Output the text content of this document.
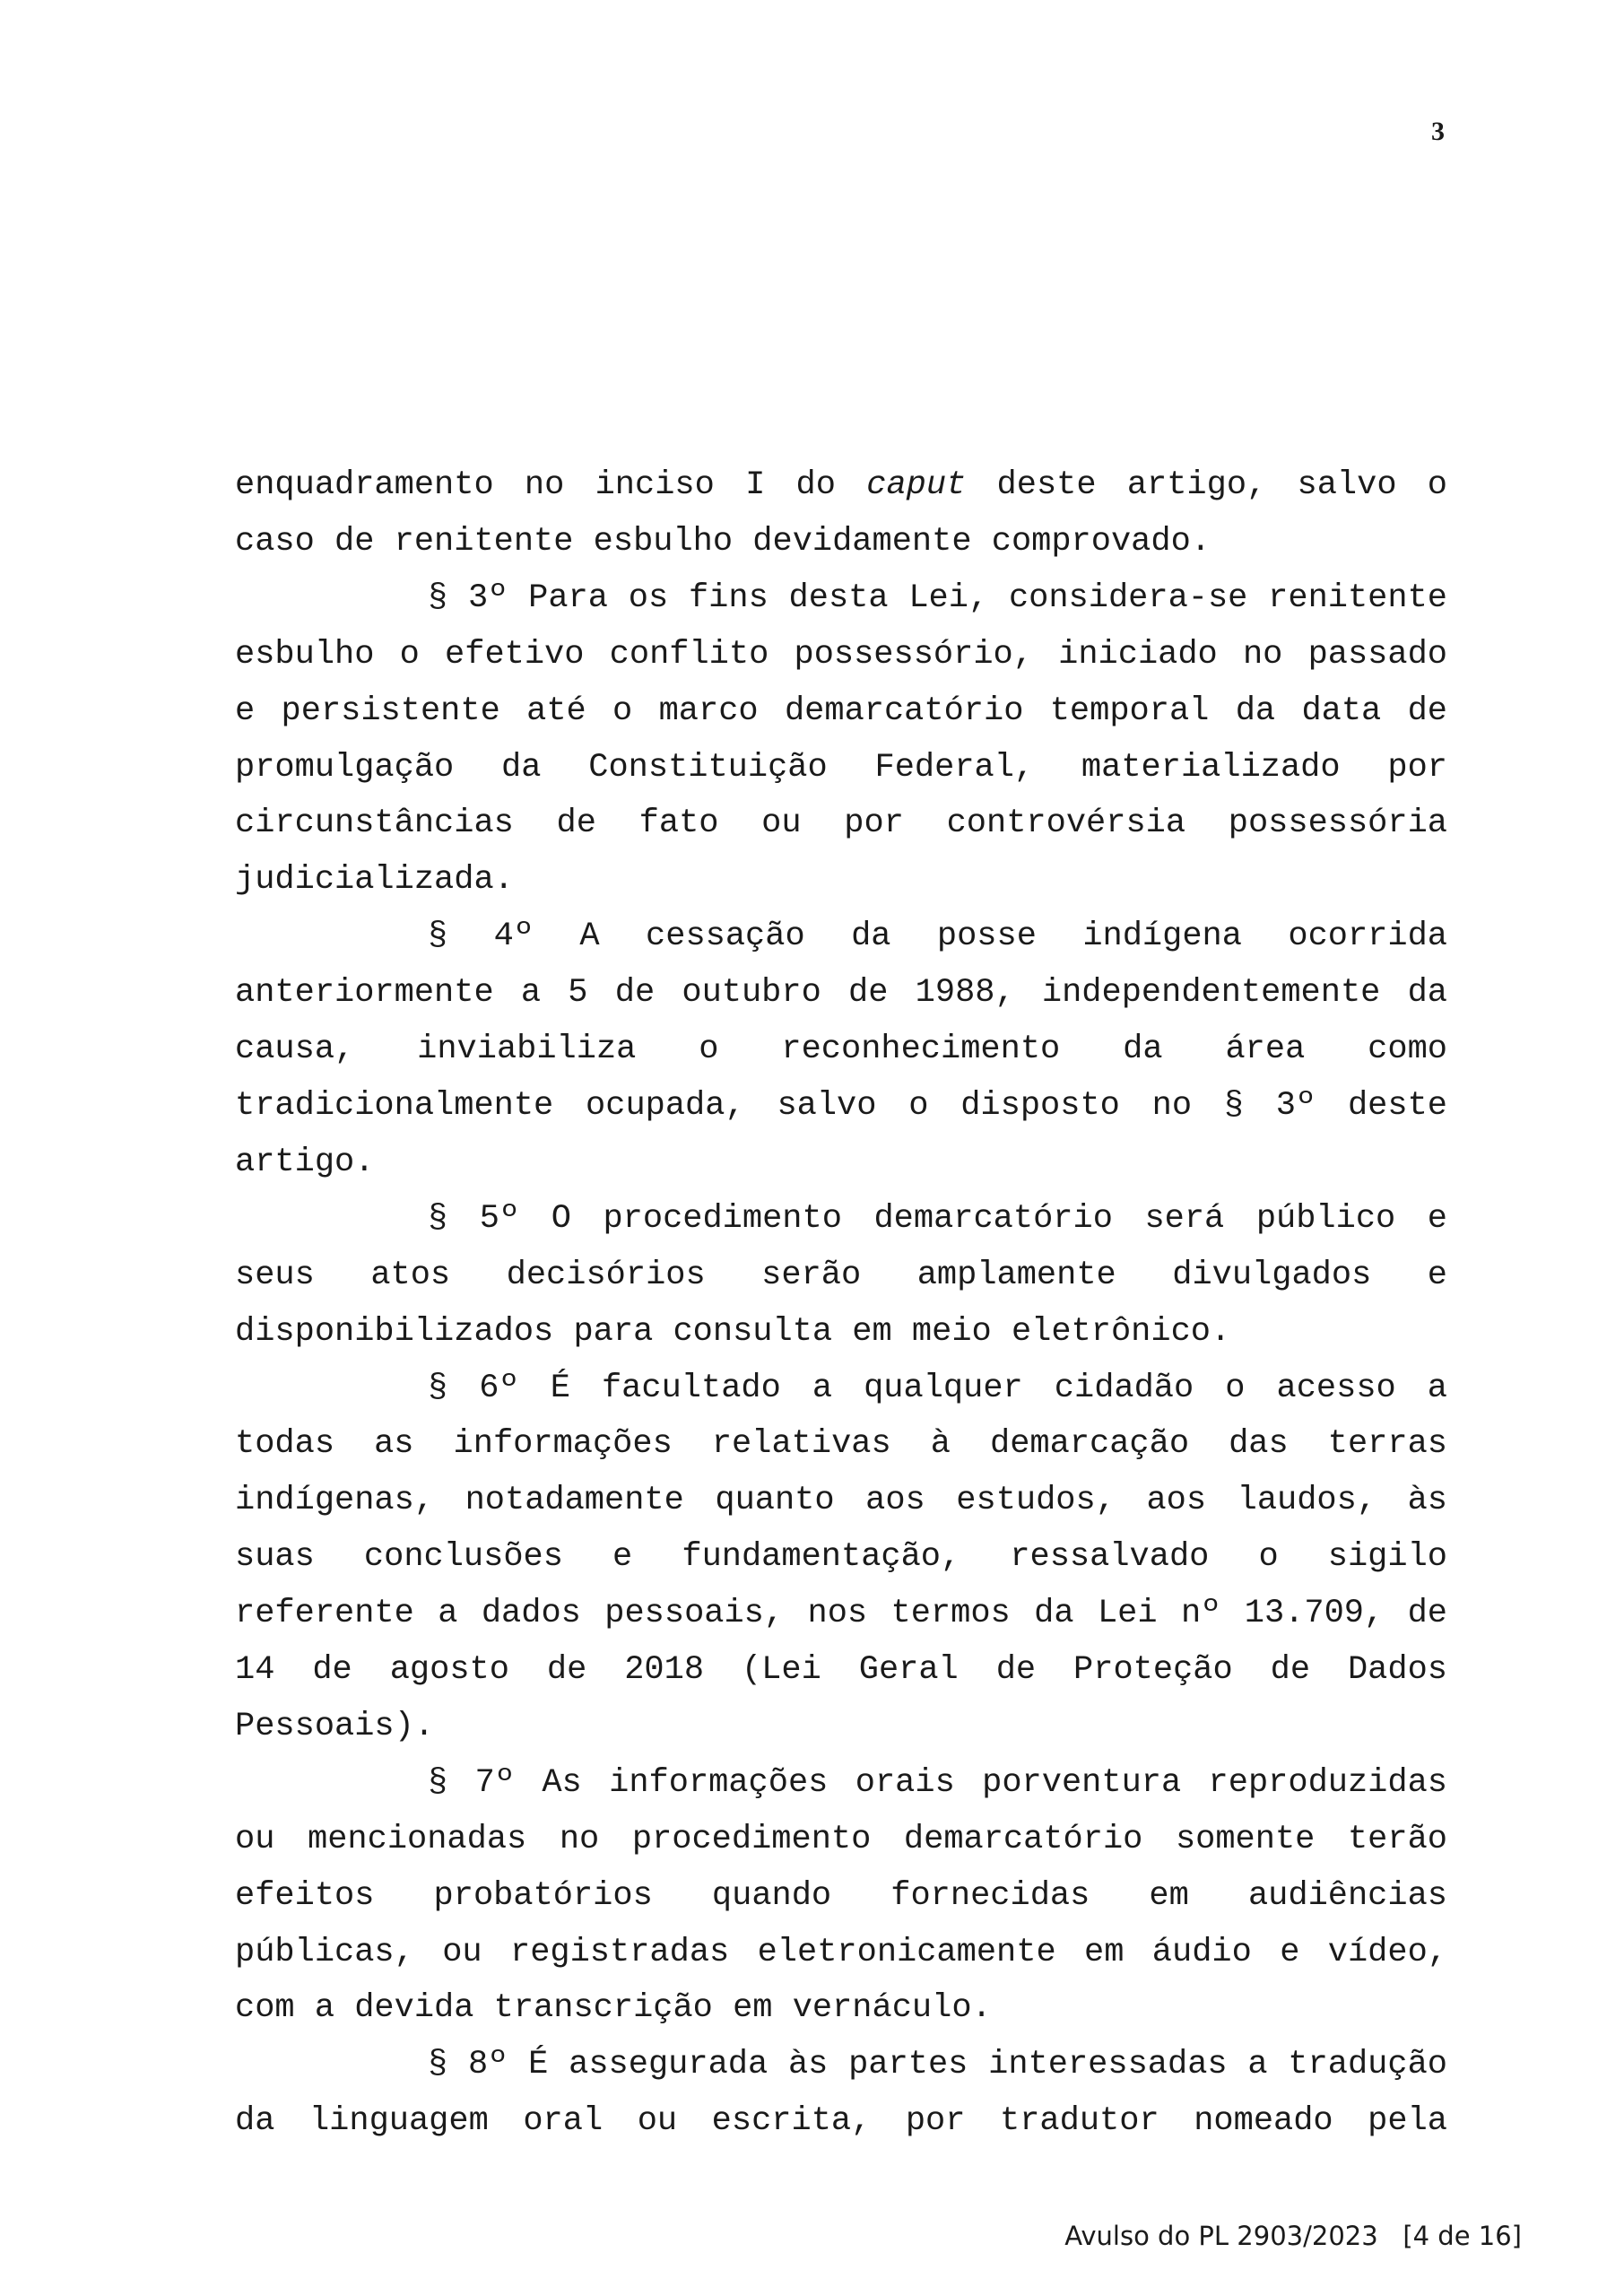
3

enquadramento no inciso I do caput deste artigo, salvo o caso de renitente esbulho devidamente comprovado.

§ 3º Para os fins desta Lei, considera-se renitente esbulho o efetivo conflito possessório, iniciado no passado e persistente até o marco demarcatório temporal da data de promulgação da Constituição Federal, materializado por circunstâncias de fato ou por controvérsia possessória judicializada.

§ 4º A cessação da posse indígena ocorrida anteriormente a 5 de outubro de 1988, independentemente da causa, inviabiliza o reconhecimento da área como tradicionalmente ocupada, salvo o disposto no § 3º deste artigo.

§ 5º O procedimento demarcatório será público e seus atos decisórios serão amplamente divulgados e disponibilizados para consulta em meio eletrônico.

§ 6º É facultado a qualquer cidadão o acesso a todas as informações relativas à demarcação das terras indígenas, notadamente quanto aos estudos, aos laudos, às suas conclusões e fundamentação, ressalvado o sigilo referente a dados pessoais, nos termos da Lei nº 13.709, de 14 de agosto de 2018 (Lei Geral de Proteção de Dados Pessoais).

§ 7º As informações orais porventura reproduzidas ou mencionadas no procedimento demarcatório somente terão efeitos probatórios quando fornecidas em audiências públicas, ou registradas eletronicamente em áudio e vídeo, com a devida transcrição em vernáculo.

§ 8º É assegurada às partes interessadas a tradução da linguagem oral ou escrita, por tradutor nomeado pela

Avulso do PL 2903/2023   [4 de 16]
